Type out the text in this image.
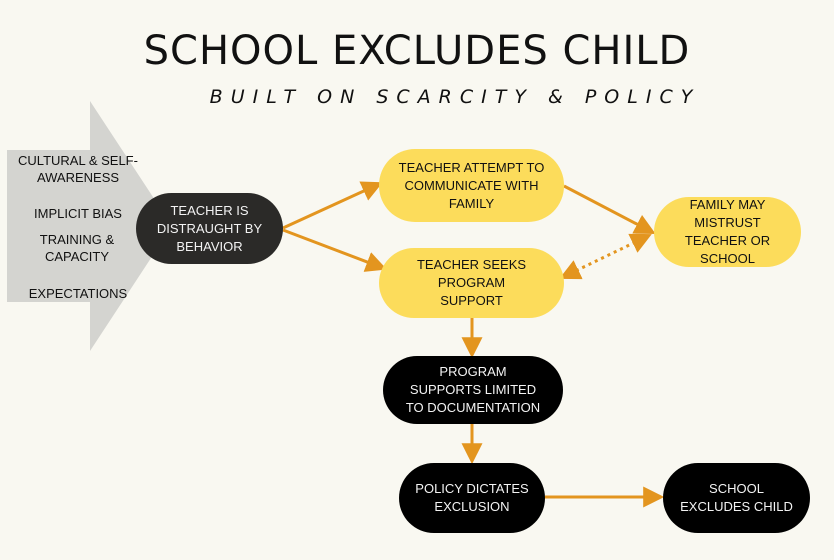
SCHOOL EXCLUDES CHILD
BUILT ON SCARCITY & POLICY
CULTURAL & SELF-AWARENESS
IMPLICIT BIAS
TRAINING & CAPACITY
EXPECTATIONS
TEACHER IS DISTRAUGHT BY BEHAVIOR
TEACHER ATTEMPT TO COMMUNICATE WITH FAMILY	FAMILY MAY MISTRUST TEACHER OR SCHOOL
TEACHER SEEKS PROGRAM SUPPORT
PROGRAM SUPPORTS LIMITED TO DOCUMENTATION
POLICY DICTATES EXCLUSION
SCHOOL EXCLUDES CHILD
